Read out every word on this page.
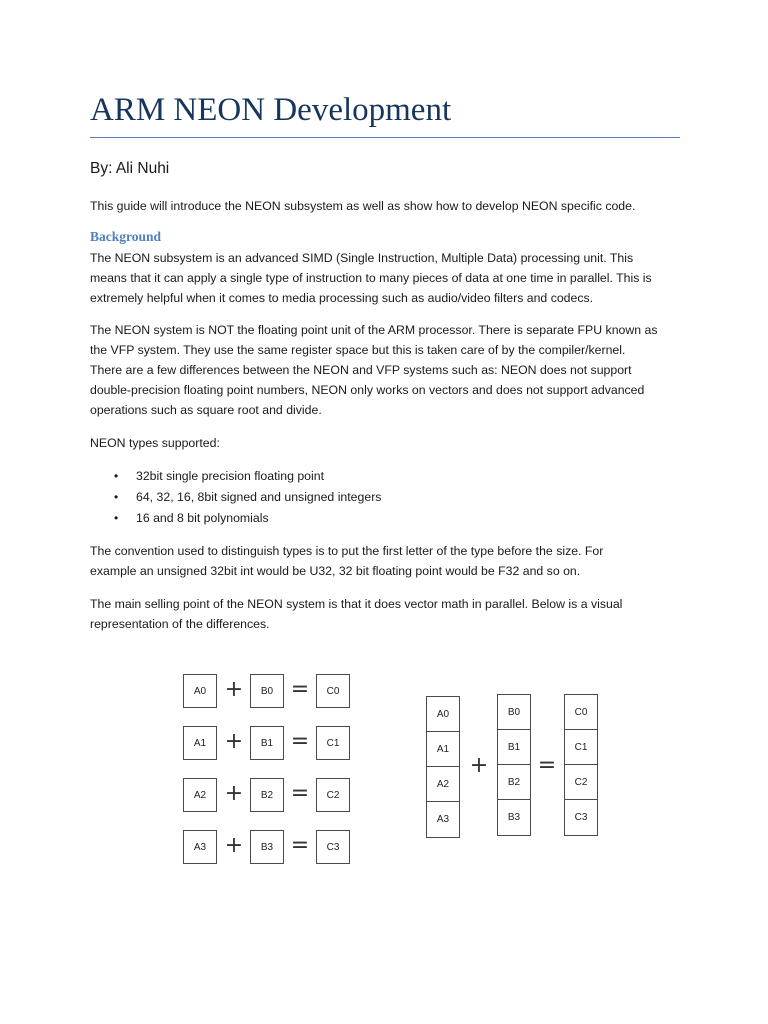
ARM NEON Development
By: Ali Nuhi
This guide will introduce the NEON subsystem as well as show how to develop NEON specific code.
Background
The NEON subsystem is an advanced SIMD (Single Instruction, Multiple Data) processing unit. This
means that it can apply a single type of instruction to many pieces of data at one time in parallel. This is
extremely helpful when it comes to media processing such as audio/video filters and codecs.
The NEON system is NOT the floating point unit of the ARM processor. There is separate FPU known as
the VFP system. They use the same register space but this is taken care of by the compiler/kernel.
There are a few differences between the NEON and VFP systems such as: NEON does not support
double-precision floating point numbers, NEON only works on vectors and does not support advanced
operations such as square root and divide.
NEON types supported:
• 32bit single precision floating point
• 64, 32, 16, 8bit signed and unsigned integers
• 16 and 8 bit polynomials
The convention used to distinguish types is to put the first letter of the type before the size. For
example an unsigned 32bit int would be U32, 32 bit floating point would be F32 and so on.
The main selling point of the NEON system is that it does vector math in parallel. Below is a visual
representation of the differences.
A0 +	B0 =	C0
A1 +	B1 =	C1
A2 +	B2 =	C2
A3 +	B3 =	C3
A0
A1
A2
A3
+
B0
B1
B2
B3
=
C0
C1
C2
C3
